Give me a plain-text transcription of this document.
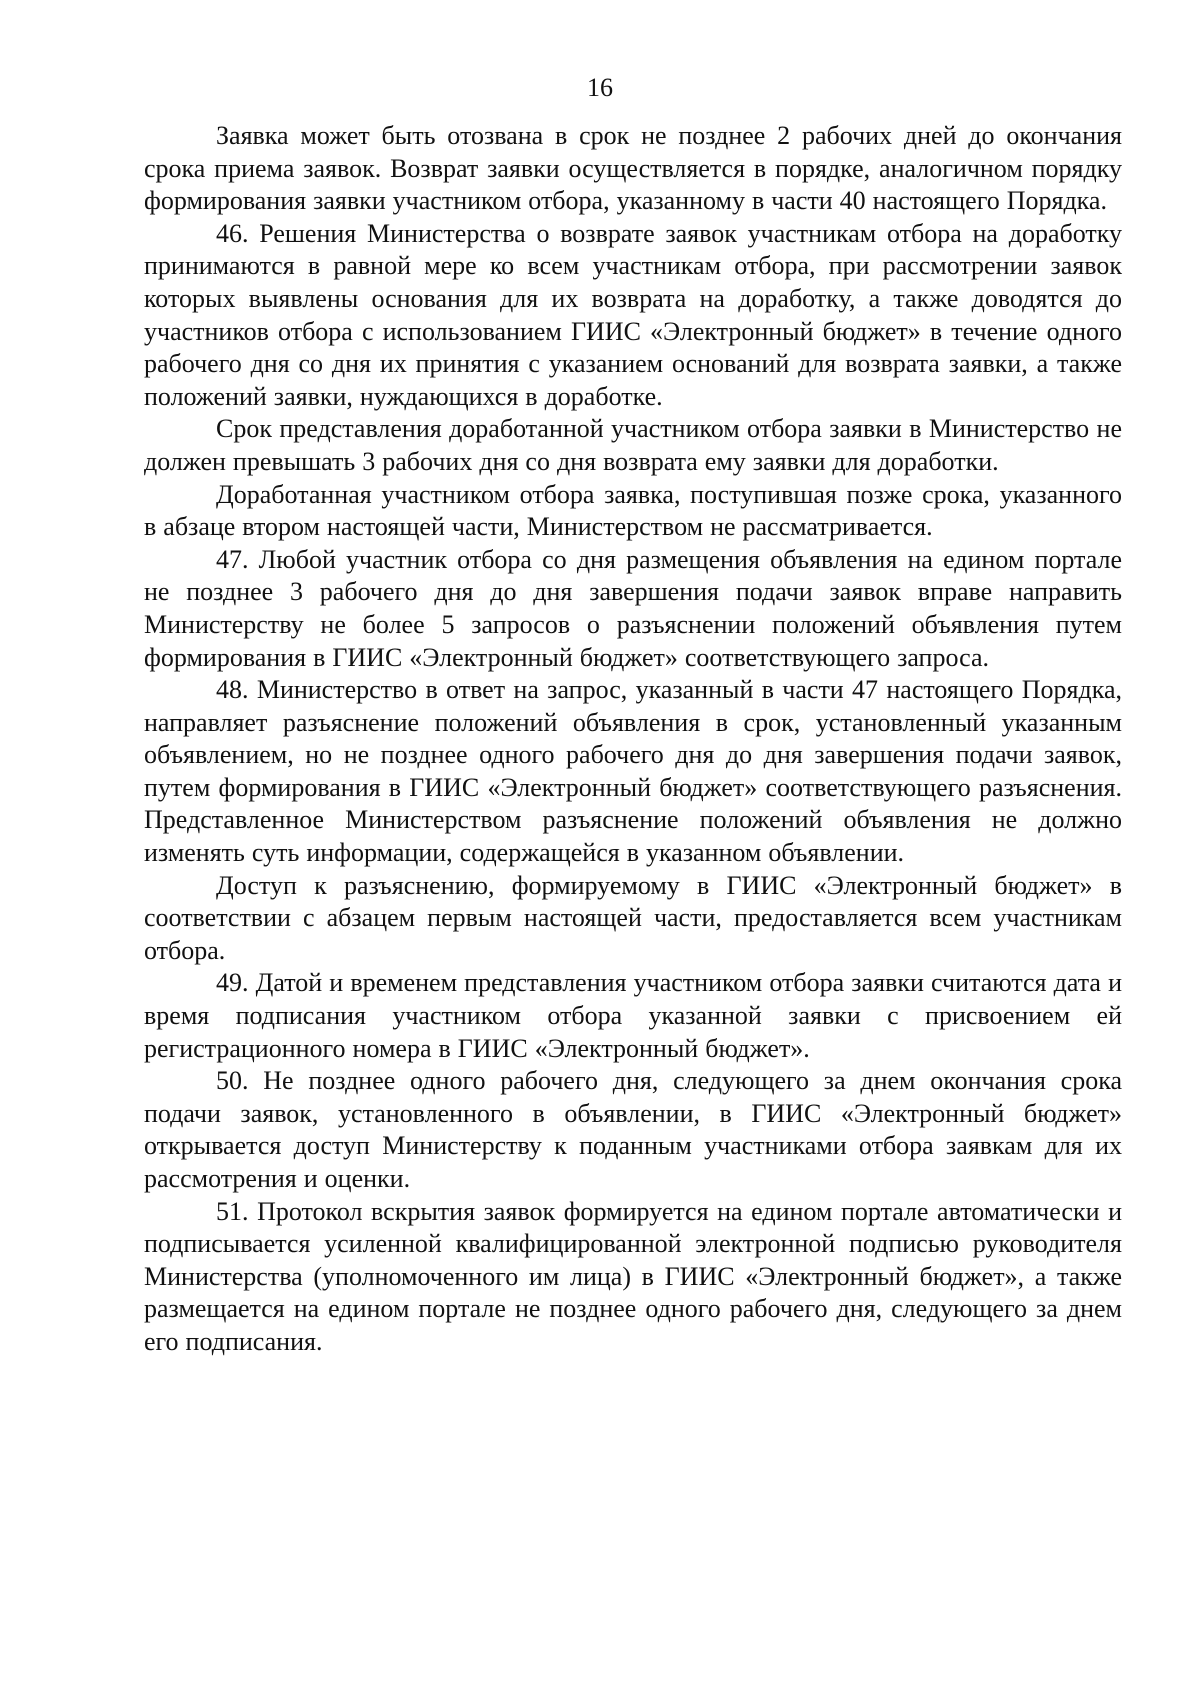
16

Заявка может быть отозвана в срок не позднее 2 рабочих дней до окончания срока приема заявок. Возврат заявки осуществляется в порядке, аналогичном порядку формирования заявки участником отбора, указанному в части 40 настоящего Порядка.

46. Решения Министерства о возврате заявок участникам отбора на доработку принимаются в равной мере ко всем участникам отбора, при рассмотрении заявок которых выявлены основания для их возврата на доработку, а также доводятся до участников отбора с использованием ГИИС «Электронный бюджет» в течение одного рабочего дня со дня их принятия с указанием оснований для возврата заявки, а также положений заявки, нуждающихся в доработке.

Срок представления доработанной участником отбора заявки в Министерство не должен превышать 3 рабочих дня со дня возврата ему заявки для доработки.

Доработанная участником отбора заявка, поступившая позже срока, указанного в абзаце втором настоящей части, Министерством не рассматривается.

47. Любой участник отбора со дня размещения объявления на едином портале не позднее 3 рабочего дня до дня завершения подачи заявок вправе направить Министерству не более 5 запросов о разъяснении положений объявления путем формирования в ГИИС «Электронный бюджет» соответствующего запроса.

48. Министерство в ответ на запрос, указанный в части 47 настоящего Порядка, направляет разъяснение положений объявления в срок, установленный указанным объявлением, но не позднее одного рабочего дня до дня завершения подачи заявок, путем формирования в ГИИС «Электронный бюджет» соответствующего разъяснения. Представленное Министерством разъяснение положений объявления не должно изменять суть информации, содержащейся в указанном объявлении.

Доступ к разъяснению, формируемому в ГИИС «Электронный бюджет» в соответствии с абзацем первым настоящей части, предоставляется всем участникам отбора.

49. Датой и временем представления участником отбора заявки считаются дата и время подписания участником отбора указанной заявки с присвоением ей регистрационного номера в ГИИС «Электронный бюджет».

50. Не позднее одного рабочего дня, следующего за днем окончания срока подачи заявок, установленного в объявлении, в ГИИС «Электронный бюджет» открывается доступ Министерству к поданным участниками отбора заявкам для их рассмотрения и оценки.

51. Протокол вскрытия заявок формируется на едином портале автоматически и подписывается усиленной квалифицированной электронной подписью руководителя Министерства (уполномоченного им лица) в ГИИС «Электронный бюджет», а также размещается на едином портале не позднее одного рабочего дня, следующего за днем его подписания.
